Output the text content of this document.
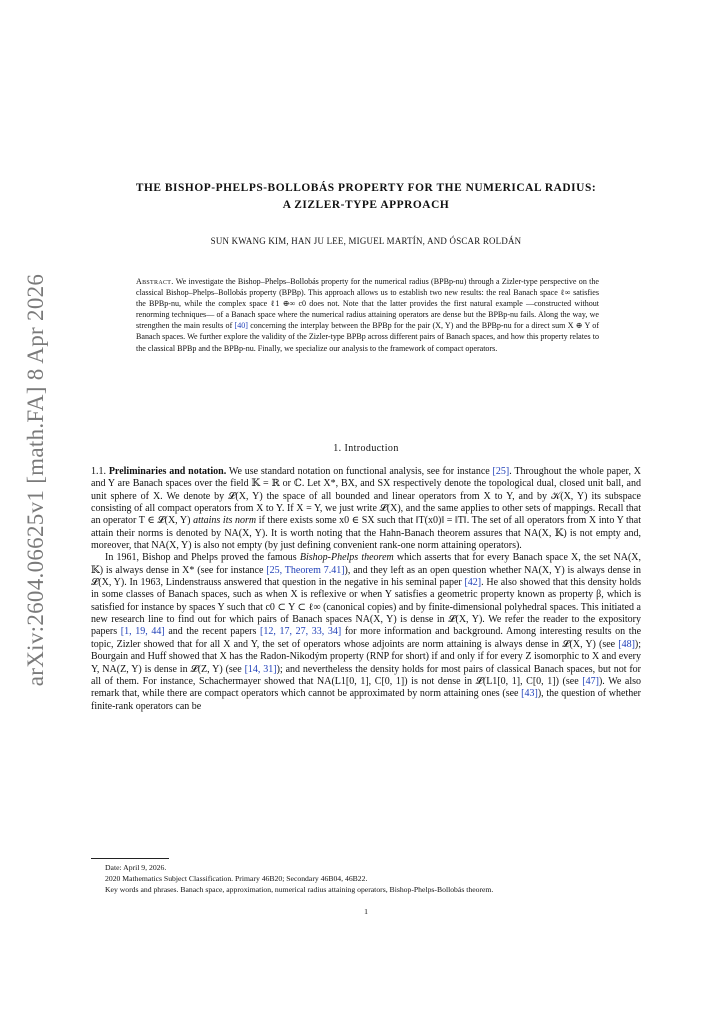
arXiv:2604.06625v1 [math.FA] 8 Apr 2026
THE BISHOP-PHELPS-BOLLOBÁS PROPERTY FOR THE NUMERICAL RADIUS:
A ZIZLER-TYPE APPROACH
SUN KWANG KIM, HAN JU LEE, MIGUEL MARTÍN, AND ÓSCAR ROLDÁN
Abstract. We investigate the Bishop–Phelps–Bollobás property for the numerical radius (BPBp-nu) through a Zizler-type perspective on the classical Bishop–Phelps–Bollobás property (BPBp). This approach allows us to establish two new results: the real Banach space ℓ∞ satisfies the BPBp-nu, while the complex space ℓ1 ⊕∞ c0 does not. Note that the latter provides the first natural example —constructed without renorming techniques— of a Banach space where the numerical radius attaining operators are dense but the BPBp-nu fails. Along the way, we strengthen the main results of [40] concerning the interplay between the BPBp for the pair (X, Y) and the BPBp-nu for a direct sum X ⊕ Y of Banach spaces. We further explore the validity of the Zizler-type BPBp across different pairs of Banach spaces, and how this property relates to the classical BPBp and the BPBp-nu. Finally, we specialize our analysis to the framework of compact operators.
1. Introduction

1.1. Preliminaries and notation. We use standard notation on functional analysis, see for instance [25]. Throughout the whole paper, X and Y are Banach spaces over the field 𝕂 = ℝ or ℂ. Let X*, BX, and SX respectively denote the topological dual, closed unit ball, and unit sphere of X. We denote by 𝓛(X, Y) the space of all bounded and linear operators from X to Y, and by 𝒦(X, Y) its subspace consisting of all compact operators from X to Y. If X = Y, we just write 𝓛(X), and the same applies to other sets of mappings. Recall that an operator T ∈ 𝓛(X, Y) attains its norm if there exists some x0 ∈ SX such that ‖T(x0)‖ = ‖T‖. The set of all operators from X into Y that attain their norms is denoted by NA(X, Y). It is worth noting that the Hahn-Banach theorem assures that NA(X, 𝕂) is not empty and, moreover, that NA(X, Y) is also not empty (by just defining convenient rank-one norm attaining operators).

In 1961, Bishop and Phelps proved the famous Bishop-Phelps theorem which asserts that for every Banach space X, the set NA(X, 𝕂) is always dense in X* (see for instance [25, Theorem 7.41]), and they left as an open question whether NA(X, Y) is always dense in 𝓛(X, Y). In 1963, Lindenstrauss answered that question in the negative in his seminal paper [42]. He also showed that this density holds in some classes of Banach spaces, such as when X is reflexive or when Y satisfies a geometric property known as property β, which is satisfied for instance by spaces Y such that c0 ⊂ Y ⊂ ℓ∞ (canonical copies) and by finite-dimensional polyhedral spaces. This initiated a new research line to find out for which pairs of Banach spaces NA(X, Y) is dense in 𝓛(X, Y). We refer the reader to the expository papers [1, 19, 44] and the recent papers [12, 17, 27, 33, 34] for more information and background. Among interesting results on the topic, Zizler showed that for all X and Y, the set of operators whose adjoints are norm attaining is always dense in 𝓛(X, Y) (see [48]); Bourgain and Huff showed that X has the Radon-Nikodým property (RNP for short) if and only if for every Z isomorphic to X and every Y, NA(Z, Y) is dense in 𝓛(Z, Y) (see [14, 31]); and nevertheless the density holds for most pairs of classical Banach spaces, but not for all of them. For instance, Schachermayer showed that NA(L1[0, 1], C[0, 1]) is not dense in 𝓛(L1[0, 1], C[0, 1]) (see [47]). We also remark that, while there are compact operators which cannot be approximated by norm attaining ones (see [43]), the question of whether finite-rank operators can be

Date: April 9, 2026.
2020 Mathematics Subject Classification. Primary 46B20; Secondary 46B04, 46B22.
Key words and phrases. Banach space, approximation, numerical radius attaining operators, Bishop-Phelps-Bollobás theorem.
1
